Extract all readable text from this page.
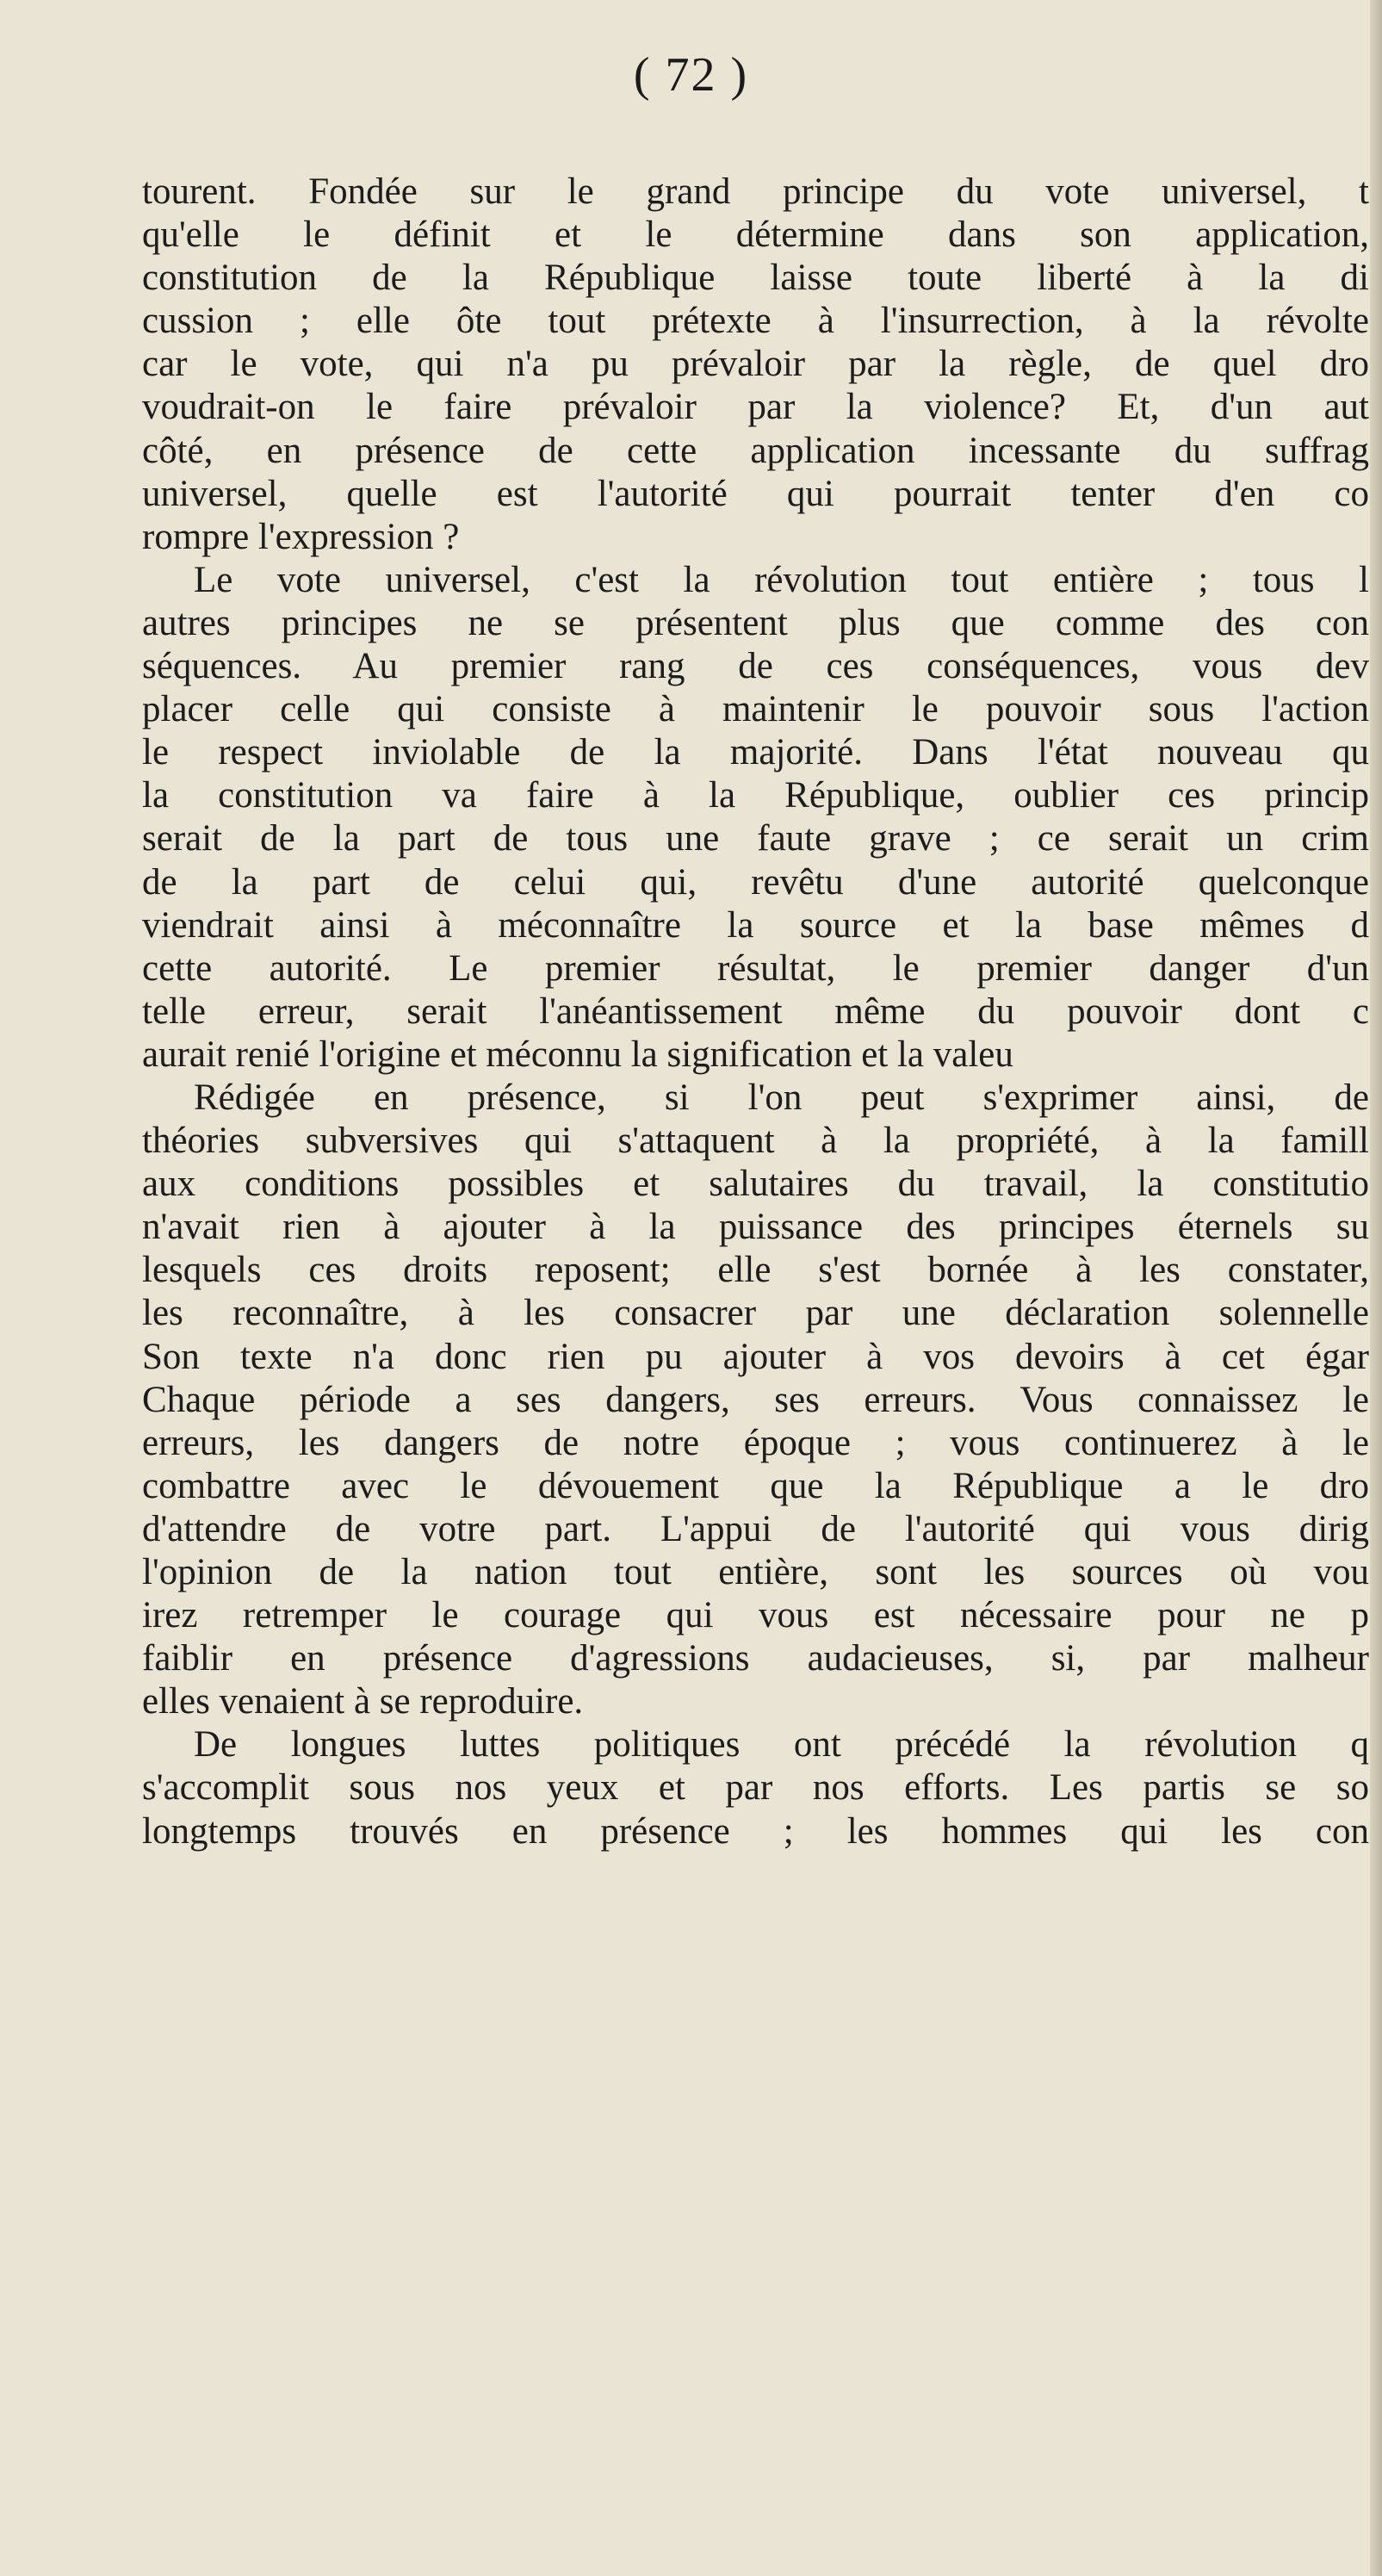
( 72 )
tourent. Fondée sur le grand principe du vote universel, t
qu'elle le définit et le détermine dans son application,
constitution de la République laisse toute liberté à la di
cussion ; elle ôte tout prétexte à l'insurrection, à la révolte
car le vote, qui n'a pu prévaloir par la règle, de quel dro
voudrait-on le faire prévaloir par la violence? Et, d'un aut
côté, en présence de cette application incessante du suffrag
universel, quelle est l'autorité qui pourrait tenter d'en co
rompre l'expression ?
Le vote universel, c'est la révolution tout entière ; tous l
autres principes ne se présentent plus que comme des con
séquences. Au premier rang de ces conséquences, vous dev
placer celle qui consiste à maintenir le pouvoir sous l'action
le respect inviolable de la majorité. Dans l'état nouveau qu
la constitution va faire à la République, oublier ces princip
serait de la part de tous une faute grave ; ce serait un crim
de la part de celui qui, revêtu d'une autorité quelconque
viendrait ainsi à méconnaître la source et la base mêmes d
cette autorité. Le premier résultat, le premier danger d'un
telle erreur, serait l'anéantissement même du pouvoir dont c
aurait renié l'origine et méconnu la signification et la valeu
Rédigée en présence, si l'on peut s'exprimer ainsi, de
théories subversives qui s'attaquent à la propriété, à la famill
aux conditions possibles et salutaires du travail, la constitutio
n'avait rien à ajouter à la puissance des principes éternels su
lesquels ces droits reposent; elle s'est bornée à les constater,
les reconnaître, à les consacrer par une déclaration solennelle
Son texte n'a donc rien pu ajouter à vos devoirs à cet égar
Chaque période a ses dangers, ses erreurs. Vous connaissez le
erreurs, les dangers de notre époque ; vous continuerez à le
combattre avec le dévouement que la République a le dro
d'attendre de votre part. L'appui de l'autorité qui vous dirig
l'opinion de la nation tout entière, sont les sources où vou
irez retremper le courage qui vous est nécessaire pour ne p
faiblir en présence d'agressions audacieuses, si, par malheur
elles venaient à se reproduire.
De longues luttes politiques ont précédé la révolution q
s'accomplit sous nos yeux et par nos efforts. Les partis se so
longtemps trouvés en présence ; les hommes qui les con
